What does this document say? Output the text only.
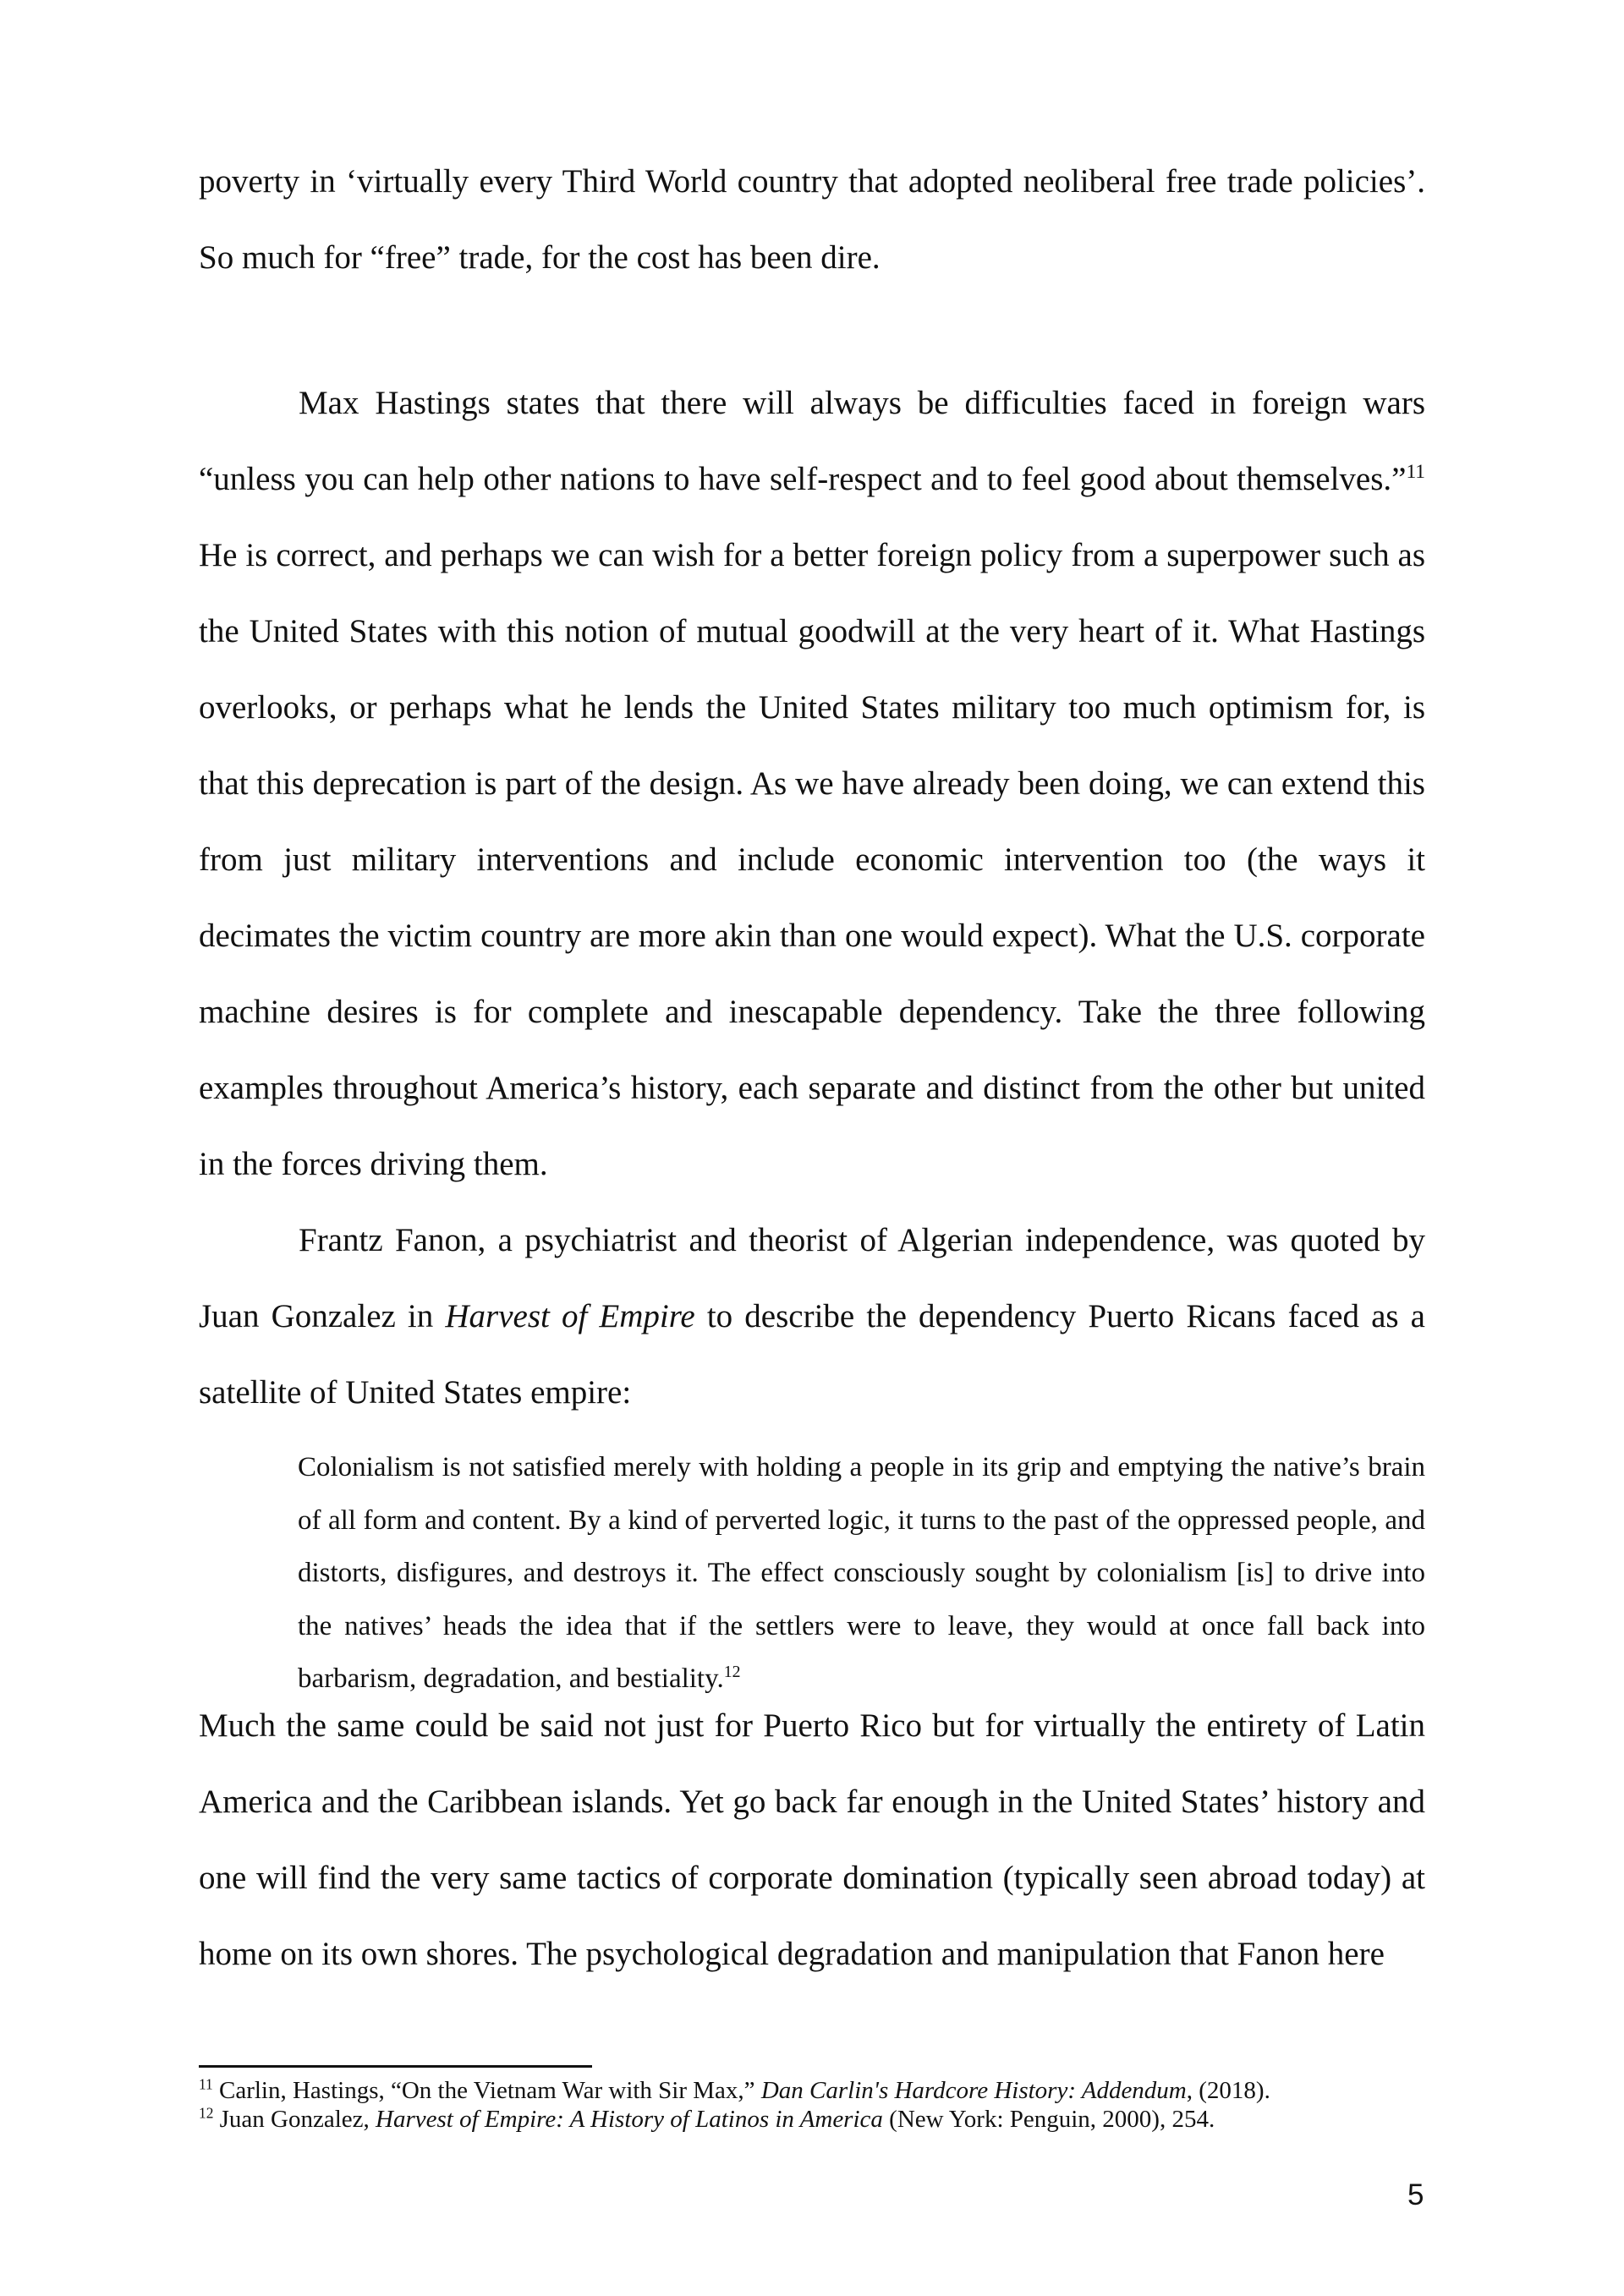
poverty in ‘virtually every Third World country that adopted neoliberal free trade policies’. So much for “free” trade, for the cost has been dire.

Max Hastings states that there will always be difficulties faced in foreign wars “unless you can help other nations to have self-respect and to feel good about themselves.”$^{11}$ He is correct, and perhaps we can wish for a better foreign policy from a superpower such as the United States with this notion of mutual goodwill at the very heart of it. What Hastings overlooks, or perhaps what he lends the United States military too much optimism for, is that this deprecation is part of the design. As we have already been doing, we can extend this from just military interventions and include economic intervention too (the ways it decimates the victim country are more akin than one would expect). What the U.S. corporate machine desires is for complete and inescapable dependency. Take the three following examples throughout America’s history, each separate and distinct from the other but united in the forces driving them.

Frantz Fanon, a psychiatrist and theorist of Algerian independence, was quoted by Juan Gonzalez in Harvest of Empire to describe the dependency Puerto Ricans faced as a satellite of United States empire:

Colonialism is not satisfied merely with holding a people in its grip and emptying the native’s brain of all form and content. By a kind of perverted logic, it turns to the past of the oppressed people, and distorts, disfigures, and destroys it. The effect consciously sought by colonialism [is] to drive into the natives’ heads the idea that if the settlers were to leave, they would at once fall back into barbarism, degradation, and bestiality.$^{12}$

Much the same could be said not just for Puerto Rico but for virtually the entirety of Latin America and the Caribbean islands. Yet go back far enough in the United States’ history and one will find the very same tactics of corporate domination (typically seen abroad today) at home on its own shores. The psychological degradation and manipulation that Fanon here

$^{11}$ Carlin, Hastings, “On the Vietnam War with Sir Max,” Dan Carlin's Hardcore History: Addendum, (2018).

$^{12}$ Juan Gonzalez, Harvest of Empire: A History of Latinos in America (New York: Penguin, 2000), 254.

5
